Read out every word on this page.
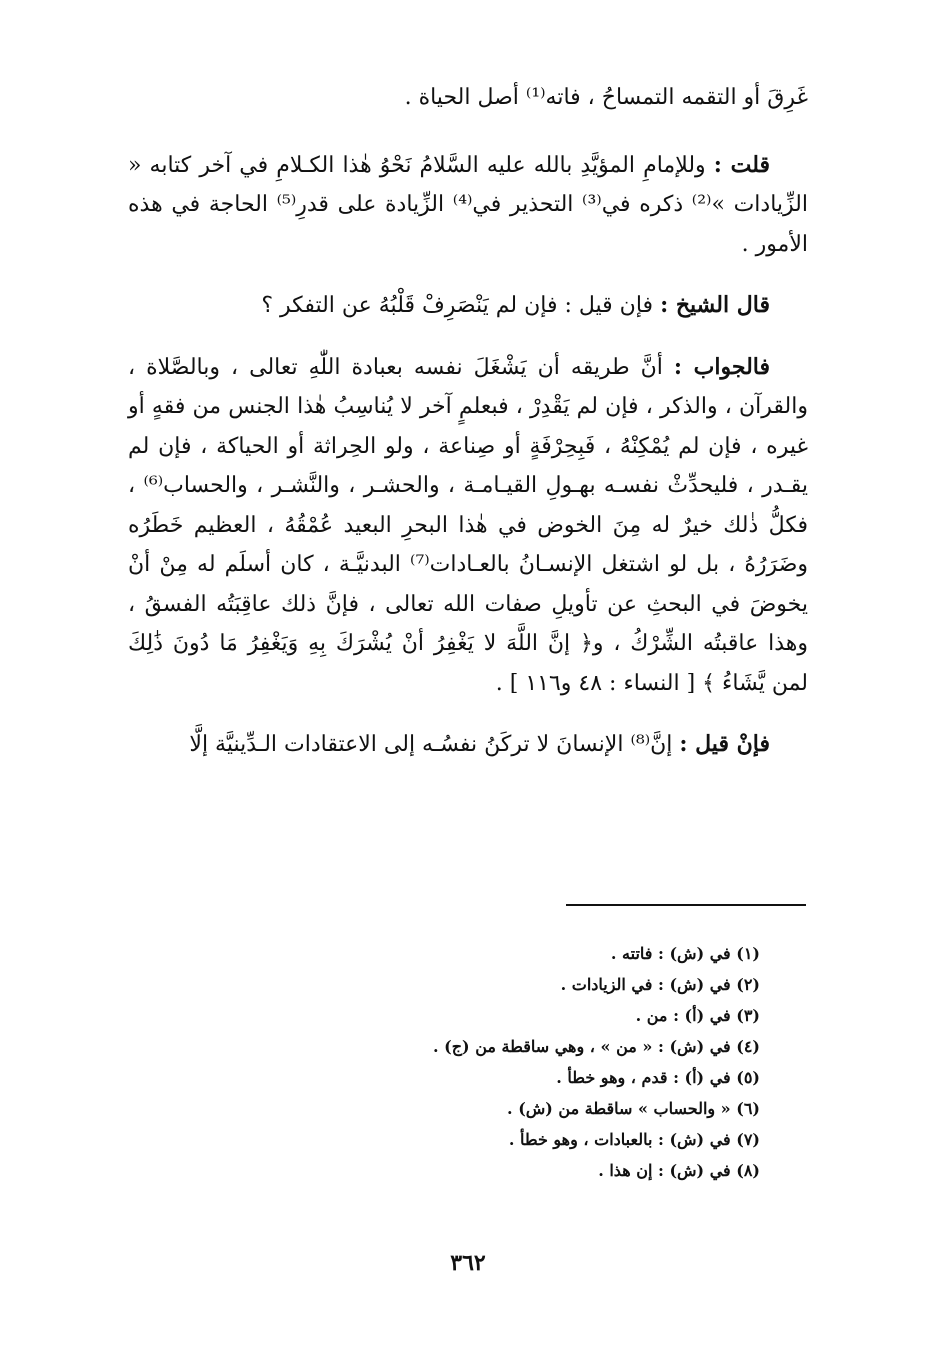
غَرِقَ أو التقمه التمساحُ ، فاته⁽¹⁾ أصل الحياة .

قلت : وللإمامِ المؤيَّدِ بالله عليه السَّلامُ نَحْوُ هٰذا الكـلامِ في آخر كتابه « الزِّيادات »⁽²⁾ ذكره في⁽³⁾ التحذير في⁽⁴⁾ الزِّيادة على قدرِ⁽⁵⁾ الحاجة في هذه الأمور .

قال الشيخ : فإن قيل : فإن لم يَنْصَرِفْ قَلْبُهُ عن التفكر ؟

فالجواب : أنَّ طريقه أن يَشْغَلَ نفسه بعبادة اللّٰهِ تعالى ، وبالصَّلاة ، والقرآن ، والذكر ، فإن لم يَقْدِرْ ، فبعلمٍ آخر لا يُناسِبُ هٰذا الجنس من فقهٍ أو غيره ، فإن لم يُمْكِنْهُ ، فَبِحِرْفَةٍ أو صِناعة ، ولو الحِراثة أو الحياكة ، فإن لم يقـدر ، فليحدِّثْ نفسـه بهـولِ القيـامـة ، والحشـر ، والنَّشـر ، والحساب⁽⁶⁾ ، فكلُّ ذٰلك خيرٌ له مِنَ الخوض في هٰذا البحرِ البعيد عُمْقُهُ ، العظيم خَطَرُه وضَرَرُهُ ، بل لو اشتغل الإنسـانُ بالعـادات⁽⁷⁾ البدنيَّـة ، كان أسلَم له مِنْ أنْ يخوضَ في البحثِ عن تأويلِ صفات الله تعالى ، فإنَّ ذلك عاقِبَتُه الفسقُ ، وهذا عاقبتُه الشِّرْكُ ، و﴿ إنَّ اللَّهَ لا يَغْفِرُ أنْ يُشْرَكَ بِهِ وَيَغْفِرُ مَا دُونَ ذَٰلِكَ لمن يَّشَاءُ ﴾ [ النساء : ٤٨ و١١٦ ] .

فإنْ قيل : إنَّ⁽⁸⁾ الإنسانَ لا تركَنُ نفسُـه إلى الاعتقادات الـدِّينيَّة إلَّا

(١) في (ش) : فاتته .
(٢) في (ش) : في الزيادات .
(٣) في (أ) : من .
(٤) في (ش) : « من » ، وهي ساقطة من (ج) .
(٥) في (أ) : قدم ، وهو خطأ .
(٦) « والحساب » ساقطة من (ش) .
(٧) في (ش) : بالعبادات ، وهو خطأ .
(٨) في (ش) : إن هذا .
٣٦٢
